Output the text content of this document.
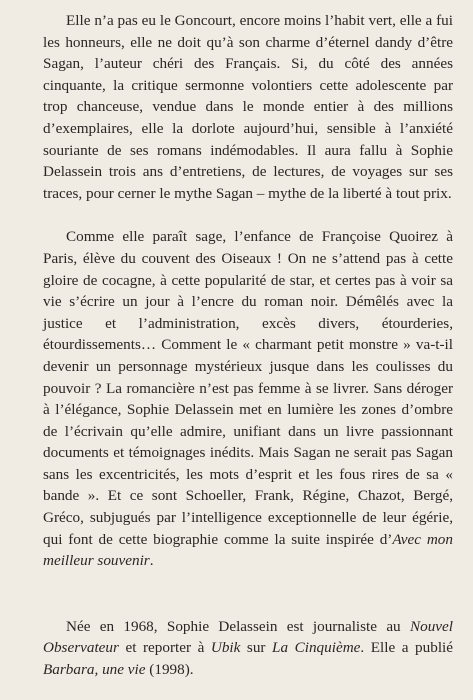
Elle n’a pas eu le Goncourt, encore moins l’habit vert, elle a fui les honneurs, elle ne doit qu’à son charme d’éternel dandy d’être Sagan, l’auteur chéri des Français. Si, du côté des années cinquante, la critique sermonne volontiers cette adolescente par trop chanceuse, vendue dans le monde entier à des millions d’exemplaires, elle la dorlote aujourd’hui, sensible à l’anxiété souriante de ses romans indémodables. Il aura fallu à Sophie Delassein trois ans d’entretiens, de lectures, de voyages sur ses traces, pour cerner le mythe Sagan – mythe de la liberté à tout prix.

Comme elle paraît sage, l’enfance de Françoise Quoirez à Paris, élève du couvent des Oiseaux ! On ne s’attend pas à cette gloire de cocagne, à cette popularité de star, et certes pas à voir sa vie s’écrire un jour à l’encre du roman noir. Démêlés avec la justice et l’administration, excès divers, étourderies, étourdissements… Comment le « charmant petit monstre » va-t-il devenir un personnage mystérieux jusque dans les coulisses du pouvoir ? La romancière n’est pas femme à se livrer. Sans déroger à l’élégance, Sophie Delassein met en lumière les zones d’ombre de l’écrivain qu’elle admire, unifiant dans un livre passionnant documents et témoignages inédits. Mais Sagan ne serait pas Sagan sans les excentricités, les mots d’esprit et les fous rires de sa « bande ». Et ce sont Schoeller, Frank, Régine, Chazot, Bergé, Gréco, subjugués par l’intelligence exceptionnelle de leur égérie, qui font de cette biographie comme la suite inspirée d’Avec mon meilleur souvenir.

Née en 1968, Sophie Delassein est journaliste au Nouvel Observateur et reporter à Ubik sur La Cinquième. Elle a publié Barbara, une vie (1998).
